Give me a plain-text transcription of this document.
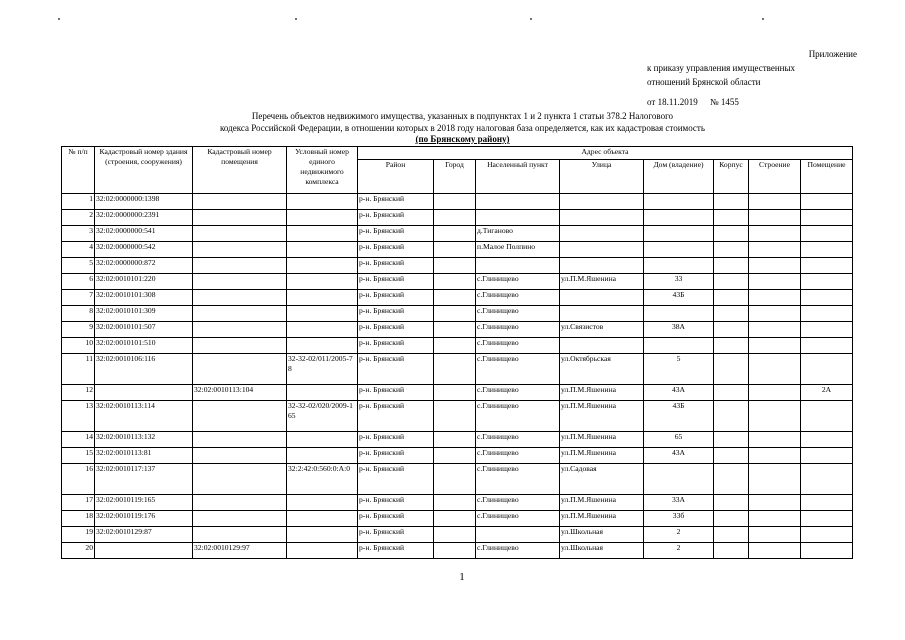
Приложение
к приказу управления имущественных
отношений Брянской области
от 18.11.2019 № 1455
Перечень объектов недвижимого имущества, указанных в подпунктах 1 и 2 пункта 1 статьи 378.2 Налогового
кодекса Российской Федерации, в отношении которых в 2018 году налоговая база определяется, как их кадастровая стоимость
(по Брянскому району)
№ п/п	Кадастровый номер здания (строения, сооружения)	Кадастровый номер помещения	Условный номер единого недвижимого комплекса	Адрес объекта							
				Район	Город	Населенный пункт	Улица	Дом (владение)	Корпус	Строение	Помещение
1	32:02:0000000:1398			р-н. Брянский							
2	32:02:0000000:2391			р-н. Брянский							
3	32:02:0000000:541			р-н. Брянский		д.Тиганово					
4	32:02:0000000:542			р-н. Брянский		п.Малое Полпино					
5	32:02:0000000:872			р-н. Брянский							
6	32:02:0010101:220			р-н. Брянский		с.Глинищево	ул.П.М.Яшенина	33			
7	32:02:0010101:308			р-н. Брянский		с.Глинищево		43Б			
8	32:02:0010101:309			р-н. Брянский		с.Глинищево					
9	32:02:0010101:507			р-н. Брянский		с.Глинищево	ул.Связистов	38А			
10	32:02:0010101:510			р-н. Брянский		с.Глинищево					
11	32:02:0010106:116		32-32-02/011/2005-78	р-н. Брянский		с.Глинищево	ул.Октябрьская	5			
12		32:02:0010113:104		р-н. Брянский		с.Глинищево	ул.П.М.Яшенина	43А			2А
13	32:02:0010113:114		32-32-02/020/2009-165	р-н. Брянский		с.Глинищево	ул.П.М.Яшенина	43Б			
14	32:02:0010113:132			р-н. Брянский		с.Глинищево	ул.П.М.Яшенина	65			
15	32:02:0010113:81			р-н. Брянский		с.Глинищево	ул.П.М.Яшенина	43А			
16	32:02:0010117:137		32:2:42:0:560:0:А:0	р-н. Брянский		с.Глинищево	ул.Садовая				
17	32:02:0010119:165			р-н. Брянский		с.Глинищево	ул.П.М.Яшенина	33А			
18	32:02:0010119:176			р-н. Брянский		с.Глинищево	ул.П.М.Яшенина	33б			
19	32:02:0010129:87			р-н. Брянский			ул.Школьная	2			
20		32:02:0010129:97		р-н. Брянский		с.Глинищево	ул.Школьная	2			
1
